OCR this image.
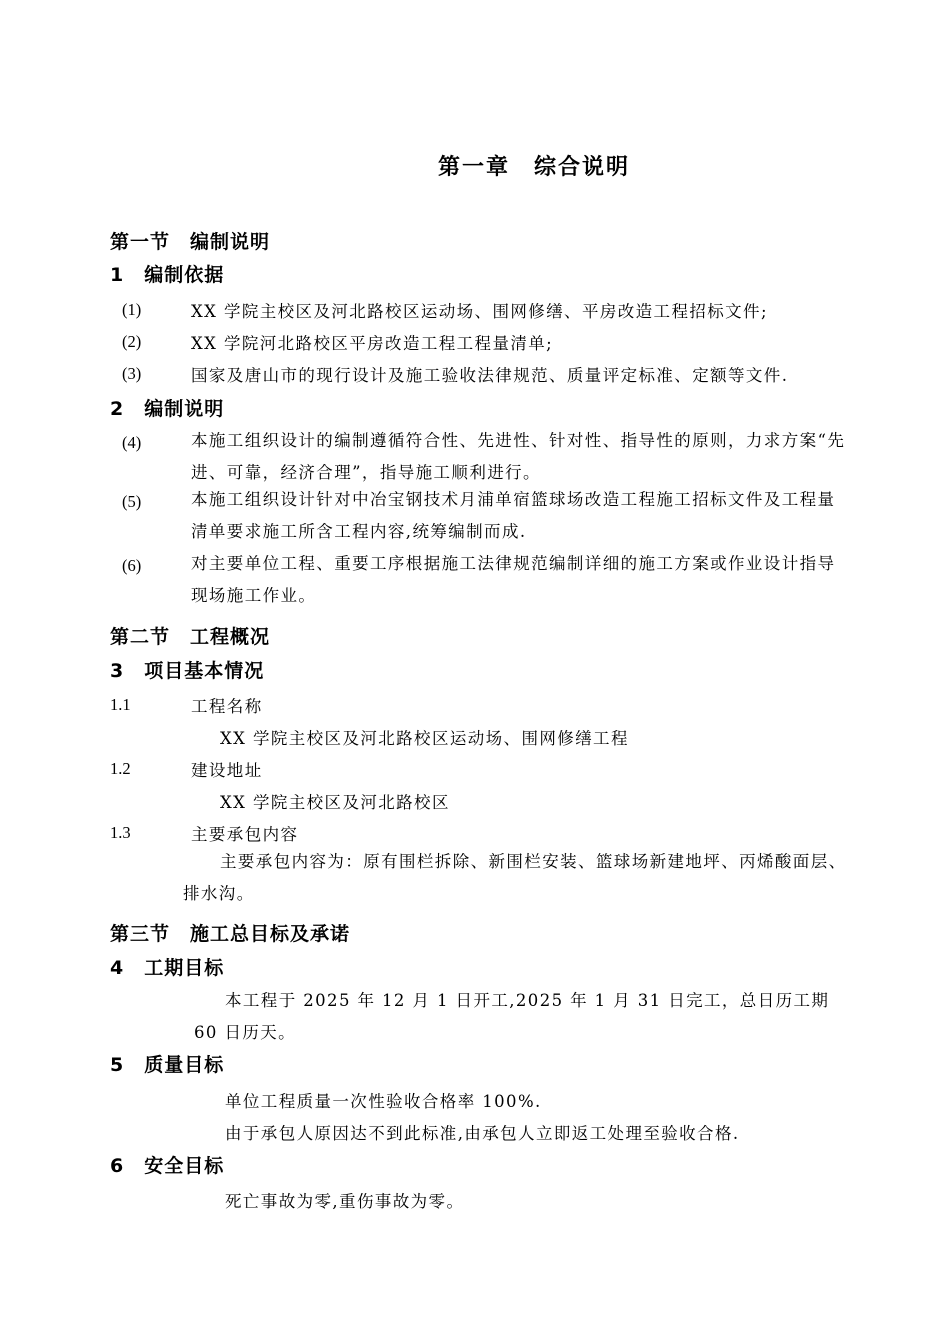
第一章　综合说明
第一节　编制说明
1　编制依据
(1)	XX 学院主校区及河北路校区运动场、围网修缮、平房改造工程招标文件;
(2)	XX 学院河北路校区平房改造工程工程量清单;
(3)	国家及唐山市的现行设计及施工验收法律规范、质量评定标准、定额等文件.
2　编制说明
(4)	本施工组织设计的编制遵循符合性、先进性、针对性、指导性的原则，力求方案“先进、可靠，经济合理”，指导施工顺利进行。
(5)	本施工组织设计针对中冶宝钢技术月浦单宿篮球场改造工程施工招标文件及工程量清单要求施工所含工程内容,统筹编制而成.
(6)	对主要单位工程、重要工序根据施工法律规范编制详细的施工方案或作业设计指导现场施工作业。
第二节　工程概况
3　项目基本情况
1.1	工程名称
XX 学院主校区及河北路校区运动场、围网修缮工程
1.2	建设地址
XX 学院主校区及河北路校区
1.3	主要承包内容
主要承包内容为：原有围栏拆除、新围栏安装、篮球场新建地坪、丙烯酸面层、排水沟。
第三节　施工总目标及承诺
4　工期目标
本工程于 2025 年 12 月 1 日开工,2025 年 1 月 31 日完工，总日历工期 60 日历天。
5　质量目标
单位工程质量一次性验收合格率 100%.
由于承包人原因达不到此标准,由承包人立即返工处理至验收合格.
6　安全目标
死亡事故为零,重伤事故为零。
